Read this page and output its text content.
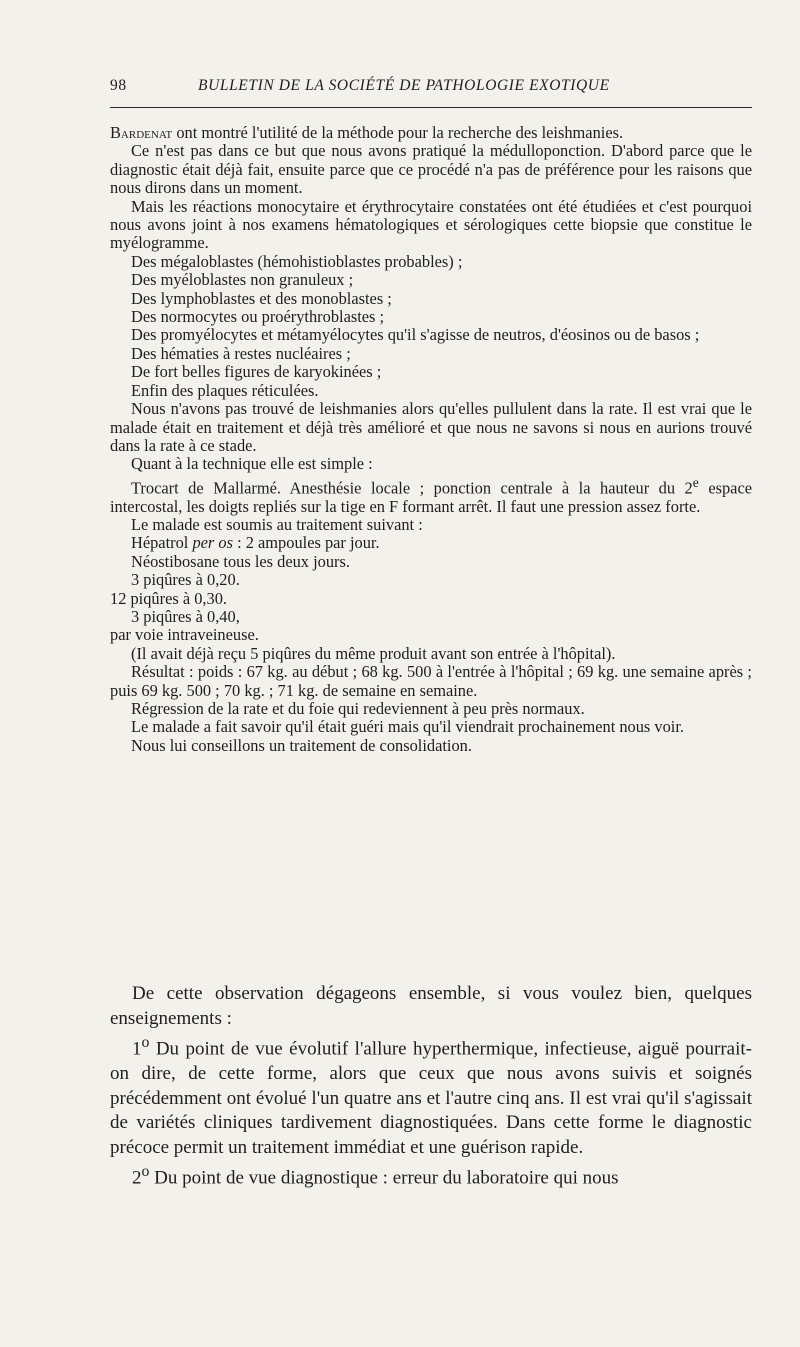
98	BULLETIN DE LA SOCIÉTÉ DE PATHOLOGIE EXOTIQUE

Bardenat ont montré l'utilité de la méthode pour la recherche des leishmanies.

Ce n'est pas dans ce but que nous avons pratiqué la médulloponction. D'abord parce que le diagnostic était déjà fait, ensuite parce que ce procédé n'a pas de préférence pour les raisons que nous dirons dans un moment.

Mais les réactions monocytaire et érythrocytaire constatées ont été étudiées et c'est pourquoi nous avons joint à nos examens hématologiques et sérologiques cette biopsie que constitue le myélogramme.

Des mégaloblastes (hémohistioblastes probables) ;

Des myéloblastes non granuleux ;

Des lymphoblastes et des monoblastes ;

Des normocytes ou proérythroblastes ;

Des promyélocytes et métamyélocytes qu'il s'agisse de neutros, d'éosinos ou de basos ;

Des hématies à restes nucléaires ;

De fort belles figures de karyokinées ;

Enfin des plaques réticulées.

Nous n'avons pas trouvé de leishmanies alors qu'elles pullulent dans la rate. Il est vrai que le malade était en traitement et déjà très amélioré et que nous ne savons si nous en aurions trouvé dans la rate à ce stade.

Quant à la technique elle est simple :

Trocart de Mallarmé. Anesthésie locale ; ponction centrale à la hauteur du 2e espace intercostal, les doigts repliés sur la tige en F formant arrêt. Il faut une pression assez forte.

Le malade est soumis au traitement suivant :

Hépatrol per os : 2 ampoules par jour.

Néostibosane tous les deux jours.

3 piqûres à 0,20.

12 piqûres à 0,30.

3 piqûres à 0,40,

par voie intraveineuse.

(Il avait déjà reçu 5 piqûres du même produit avant son entrée à l'hôpital).

Résultat : poids : 67 kg. au début ; 68 kg. 500 à l'entrée à l'hôpital ; 69 kg. une semaine après ; puis 69 kg. 500 ; 70 kg. ; 71 kg. de semaine en semaine.

Régression de la rate et du foie qui redeviennent à peu près normaux.

Le malade a fait savoir qu'il était guéri mais qu'il viendrait prochainement nous voir.

Nous lui conseillons un traitement de consolidation.

De cette observation dégageons ensemble, si vous voulez bien, quelques enseignements :

1$^o$ Du point de vue évolutif l'allure hyperthermique, infectieuse, aiguë pourrait-on dire, de cette forme, alors que ceux que nous avons suivis et soignés précédemment ont évolué l'un quatre ans et l'autre cinq ans. Il est vrai qu'il s'agissait de variétés cliniques tardivement diagnostiquées. Dans cette forme le diagnostic précoce permit un traitement immédiat et une guérison rapide.

2$^o$ Du point de vue diagnostique : erreur du laboratoire qui nous
